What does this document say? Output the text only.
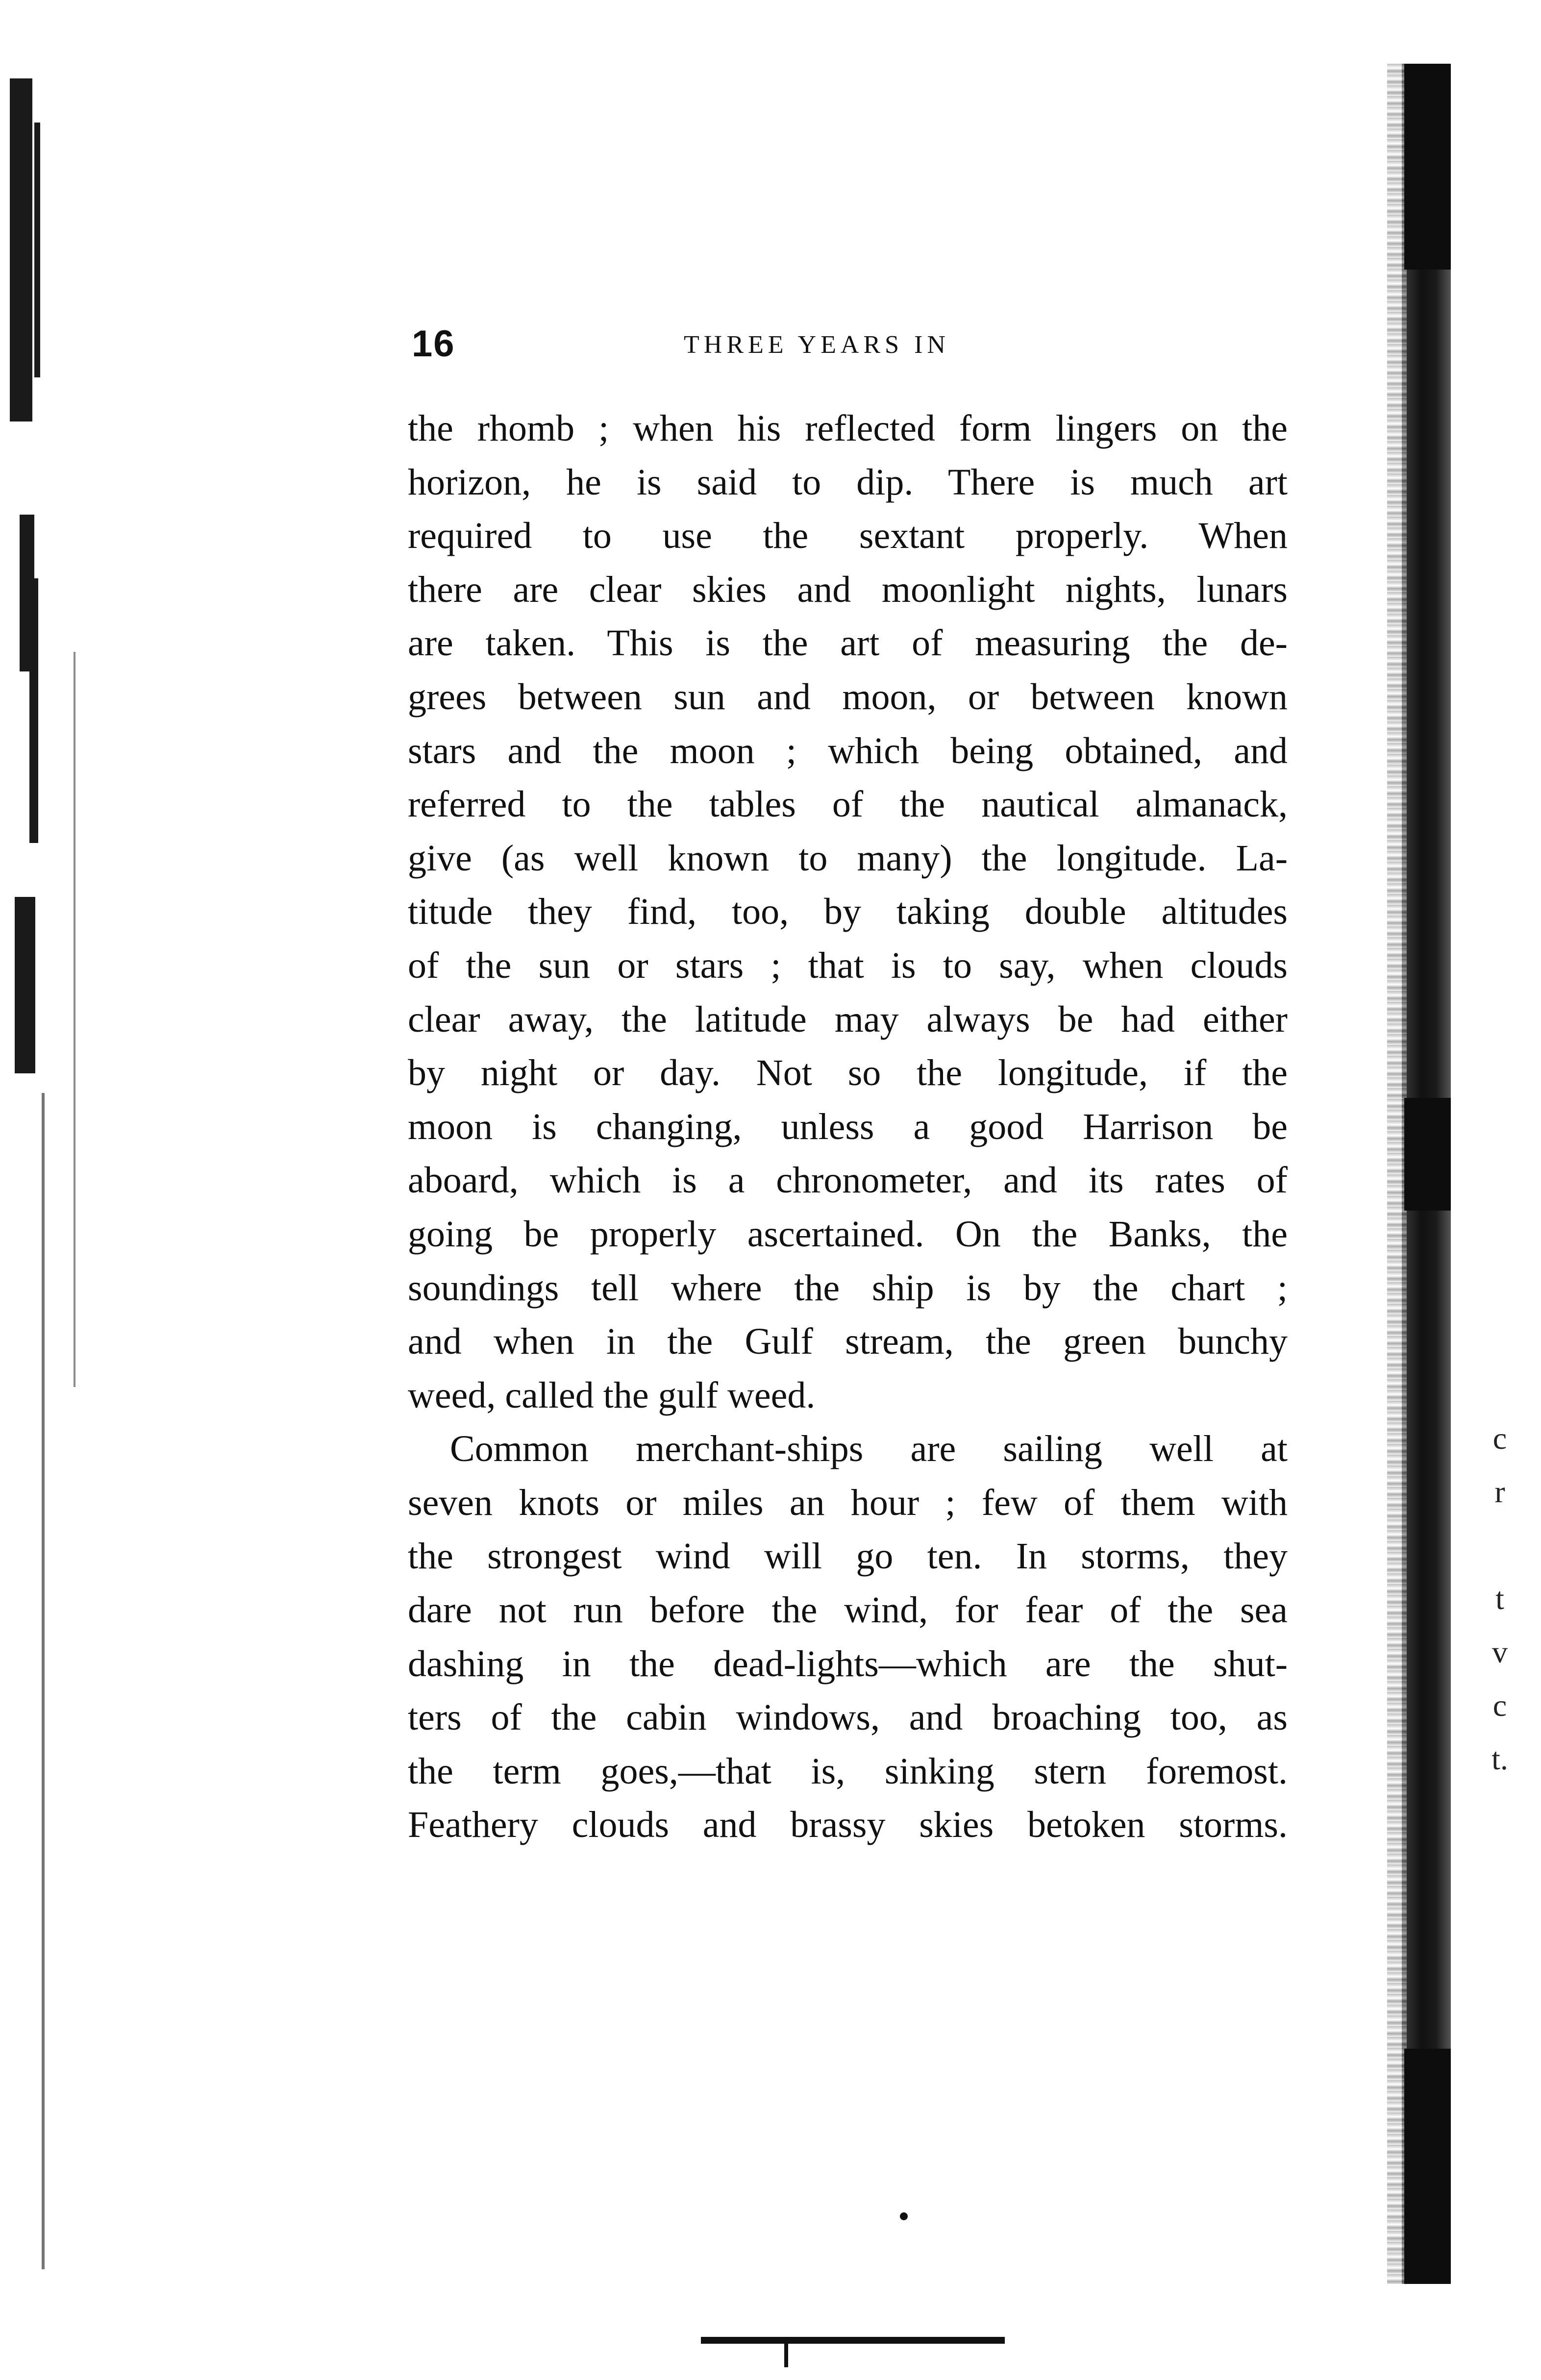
c
r
t
v
c
t.
16	THREE YEARS IN
the rhomb ; when his reflected form lingers on the
horizon, he is said to dip. There is much art
required to use the sextant properly. When
there are clear skies and moonlight nights, lunars
are taken. This is the art of measuring the de-
grees between sun and moon, or between known
stars and the moon ; which being obtained, and
referred to the tables of the nautical almanack,
give (as well known to many) the longitude. La-
titude they find, too, by taking double altitudes
of the sun or stars ; that is to say, when clouds
clear away, the latitude may always be had either
by night or day. Not so the longitude, if the
moon is changing, unless a good Harrison be
aboard, which is a chronometer, and its rates of
going be properly ascertained. On the Banks, the
soundings tell where the ship is by the chart ;
and when in the Gulf stream, the green bunchy
weed, called the gulf weed.
Common merchant-ships are sailing well at
seven knots or miles an hour ; few of them with
the strongest wind will go ten. In storms, they
dare not run before the wind, for fear of the sea
dashing in the dead-lights—which are the shut-
ters of the cabin windows, and broaching too, as
the term goes,—that is, sinking stern foremost.
Feathery clouds and brassy skies betoken storms.
